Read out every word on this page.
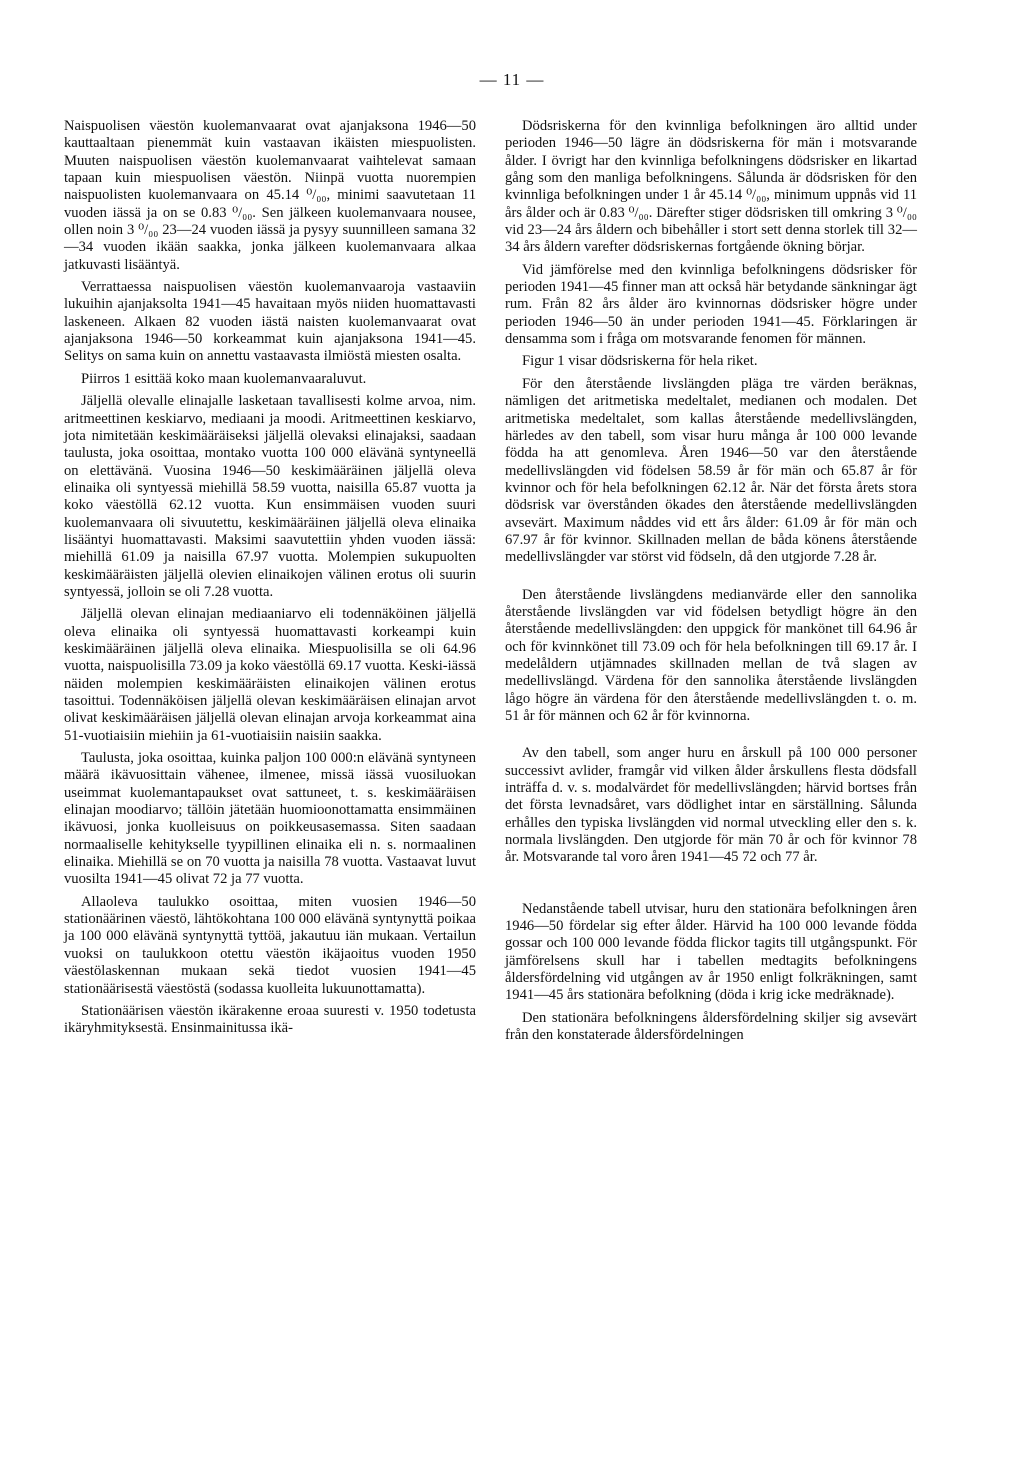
— 11 —

Naispuolisen väestön kuolemanvaarat ovat ajanjaksona 1946—50 kauttaaltaan pienemmät kuin vastaavan ikäisten miespuolisten. Muuten naispuolisen väestön kuolemanvaarat vaihtelevat samaan tapaan kuin miespuolisen väestön. Niinpä vuotta nuorempien naispuolisten kuolemanvaara on 45.14 ⁰/₀₀, minimi saavutetaan 11 vuoden iässä ja on se 0.83 ⁰/₀₀. Sen jälkeen kuolemanvaara nousee, ollen noin 3 ⁰/₀₀ 23—24 vuoden iässä ja pysyy suunnilleen samana 32—34 vuoden ikään saakka, jonka jälkeen kuolemanvaara alkaa jatkuvasti lisääntyä.

Verrattaessa naispuolisen väestön kuolemanvaaroja vastaaviin lukuihin ajanjaksolta 1941—45 havaitaan myös niiden huomattavasti laskeneen. Alkaen 82 vuoden iästä naisten kuolemanvaarat ovat ajanjaksona 1946—50 korkeammat kuin ajanjaksona 1941—45. Selitys on sama kuin on annettu vastaavasta ilmiöstä miesten osalta.

Piirros 1 esittää koko maan kuolemanvaaraluvut.

Jäljellä olevalle elinajalle lasketaan tavallisesti kolme arvoa, nim. aritmeettinen keskiarvo, mediaani ja moodi. Aritmeettinen keskiarvo, jota nimitetään keskimääräiseksi jäljellä olevaksi elinajaksi, saadaan taulusta, joka osoittaa, montako vuotta 100 000 elävänä syntyneellä on elettävänä. Vuosina 1946—50 keskimääräinen jäljellä oleva elinaika oli syntyessä miehillä 58.59 vuotta, naisilla 65.87 vuotta ja koko väestöllä 62.12 vuotta. Kun ensimmäisen vuoden suuri kuolemanvaara oli sivuutettu, keskimääräinen jäljellä oleva elinaika lisääntyi huomattavasti. Maksimi saavutettiin yhden vuoden iässä: miehillä 61.09 ja naisilla 67.97 vuotta. Molempien sukupuolten keskimääräisten jäljellä olevien elinaikojen välinen erotus oli suurin syntyessä, jolloin se oli 7.28 vuotta.

Jäljellä olevan elinajan mediaaniarvo eli todennäköinen jäljellä oleva elinaika oli syntyessä huomattavasti korkeampi kuin keskimääräinen jäljellä oleva elinaika. Miespuolisilla se oli 64.96 vuotta, naispuolisilla 73.09 ja koko väestöllä 69.17 vuotta. Keski-iässä näiden molempien keskimääräisten elinaikojen välinen erotus tasoittui. Todennäköisen jäljellä olevan keskimääräisen elinajan arvot olivat keskimääräisen jäljellä olevan elinajan arvoja korkeammat aina 51-vuotiaisiin miehiin ja 61-vuotiaisiin naisiin saakka.

Taulusta, joka osoittaa, kuinka paljon 100 000:n elävänä syntyneen määrä ikävuosittain vähenee, ilmenee, missä iässä vuosiluokan useimmat kuolemantapaukset ovat sattuneet, t. s. keskimääräisen elinajan moodiarvo; tällöin jätetään huomioonottamatta ensimmäinen ikävuosi, jonka kuolleisuus on poikkeusasemassa. Siten saadaan normaaliselle kehitykselle tyypillinen elinaika eli n. s. normaalinen elinaika. Miehillä se on 70 vuotta ja naisilla 78 vuotta. Vastaavat luvut vuosilta 1941—45 olivat 72 ja 77 vuotta.

Allaoleva taulukko osoittaa, miten vuosien 1946—50 stationäärinen väestö, lähtökohtana 100 000 elävänä syntynyttä poikaa ja 100 000 elävänä syntynyttä tyttöä, jakautuu iän mukaan. Vertailun vuoksi on taulukkoon otettu väestön ikäjaoitus vuoden 1950 väestölaskennan mukaan sekä tiedot vuosien 1941—45 stationäärisestä väestöstä (sodassa kuolleita lukuunottamatta).

Stationäärisen väestön ikärakenne eroaa suuresti v. 1950 todetusta ikäryhmityksestä. Ensinmainitussa ikä-

Dödsriskerna för den kvinnliga befolkningen äro alltid under perioden 1946—50 lägre än dödsriskerna för män i motsvarande ålder. I övrigt har den kvinnliga befolkningens dödsrisker en likartad gång som den manliga befolkningens. Sålunda är dödsrisken för den kvinnliga befolkningen under 1 år 45.14 ⁰/₀₀, minimum uppnås vid 11 års ålder och är 0.83 ⁰/₀₀. Därefter stiger dödsrisken till omkring 3 ⁰/₀₀ vid 23—24 års åldern och bibehåller i stort sett denna storlek till 32—34 års åldern varefter dödsriskernas fortgående ökning börjar.

Vid jämförelse med den kvinnliga befolkningens dödsrisker för perioden 1941—45 finner man att också här betydande sänkningar ägt rum. Från 82 års ålder äro kvinnornas dödsrisker högre under perioden 1946—50 än under perioden 1941—45. Förklaringen är densamma som i fråga om motsvarande fenomen för männen.

Figur 1 visar dödsriskerna för hela riket.

För den återstående livslängden pläga tre värden beräknas, nämligen det aritmetiska medeltalet, medianen och modalen. Det aritmetiska medeltalet, som kallas återstående medellivslängden, härledes av den tabell, som visar huru många år 100 000 levande födda ha att genomleva. Åren 1946—50 var den återstående medellivslängden vid födelsen 58.59 år för män och 65.87 år för kvinnor och för hela befolkningen 62.12 år. När det första årets stora dödsrisk var överstånden ökades den återstående medellivslängden avsevärt. Maximum nåddes vid ett års ålder: 61.09 år för män och 67.97 år för kvinnor. Skillnaden mellan de båda könens återstående medellivslängder var störst vid födseln, då den utgjorde 7.28 år.

Den återstående livslängdens medianvärde eller den sannolika återstående livslängden var vid födelsen betydligt högre än den återstående medellivslängden: den uppgick för mankönet till 64.96 år och för kvinnkönet till 73.09 och för hela befolkningen till 69.17 år. I medelåldern utjämnades skillnaden mellan de två slagen av medellivslängd. Värdena för den sannolika återstående livslängden lågo högre än värdena för den återstående medellivslängden t. o. m. 51 år för männen och 62 år för kvinnorna.

Av den tabell, som anger huru en årskull på 100 000 personer successivt avlider, framgår vid vilken ålder årskullens flesta dödsfall inträffa d. v. s. modalvärdet för medellivslängden; härvid bortses från det första levnadsåret, vars dödlighet intar en särställning. Sålunda erhålles den typiska livslängden vid normal utveckling eller den s. k. normala livslängden. Den utgjorde för män 70 år och för kvinnor 78 år. Motsvarande tal voro åren 1941—45 72 och 77 år.

Nedanstående tabell utvisar, huru den stationära befolkningen åren 1946—50 fördelar sig efter ålder. Härvid ha 100 000 levande födda gossar och 100 000 levande födda flickor tagits till utgångspunkt. För jämförelsens skull har i tabellen medtagits befolkningens åldersfördelning vid utgången av år 1950 enligt folkräkningen, samt 1941—45 års stationära befolkning (döda i krig icke medräknade).

Den stationära befolkningens åldersfördelning skiljer sig avsevärt från den konstaterade åldersfördelningen
